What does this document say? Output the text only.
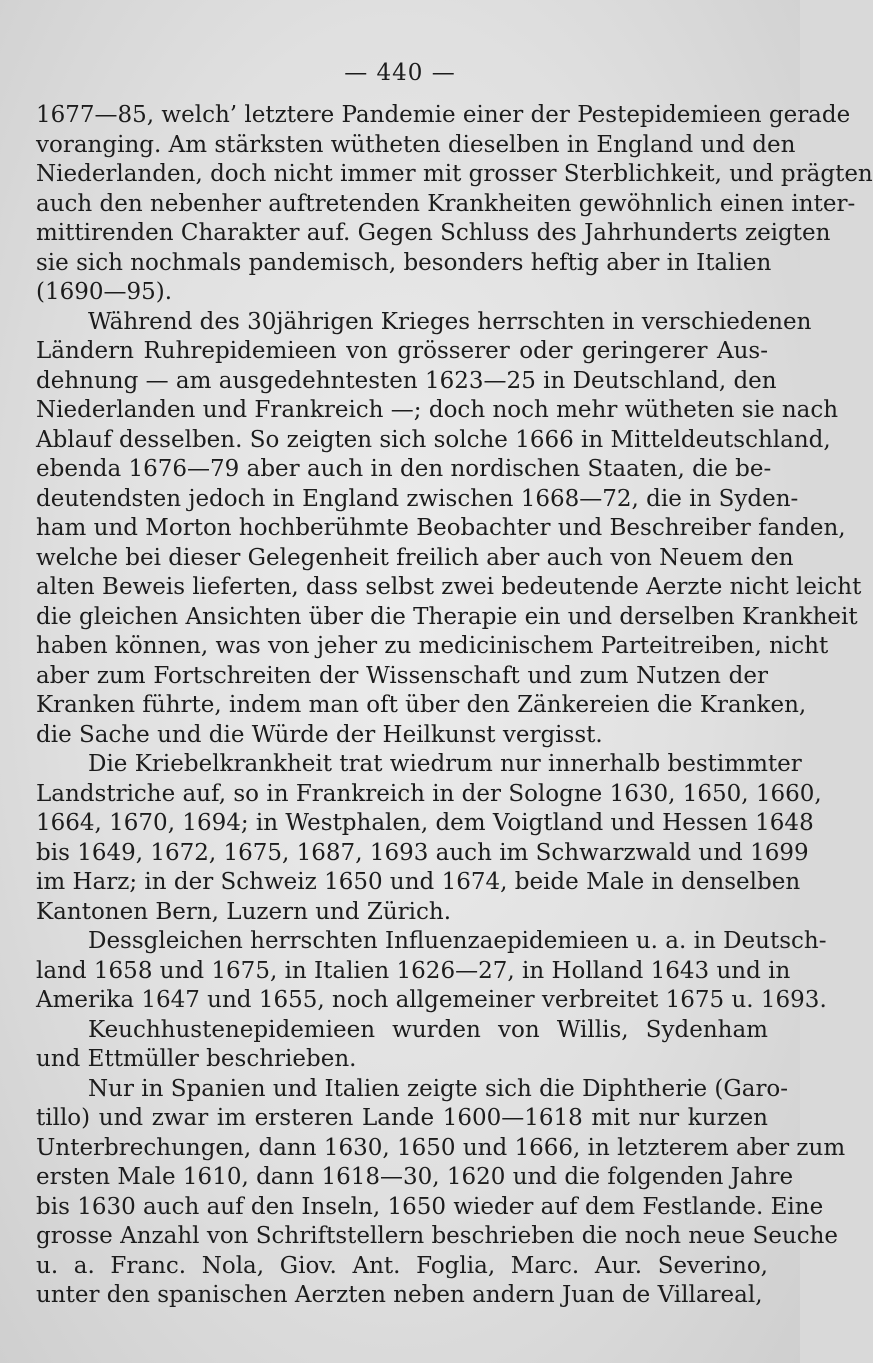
— 440 —
1677—85, welch’ letztere Pandemie einer der Pestepidemieen gerade
voranging. Am stärksten wütheten dieselben in England und den
Niederlanden, doch nicht immer mit grosser Sterblichkeit, und prägten
auch den nebenher auftretenden Krankheiten gewöhnlich einen inter-
mittirenden Charakter auf. Gegen Schluss des Jahrhunderts zeigten
sie sich nochmals pandemisch, besonders heftig aber in Italien
(1690—95).
Während des 30jährigen Krieges herrschten in verschiedenen
Ländern Ruhrepidemieen von grösserer oder geringerer Aus-
dehnung — am ausgedehntesten 1623—25 in Deutschland, den
Niederlanden und Frankreich —; doch noch mehr wütheten sie nach
Ablauf desselben. So zeigten sich solche 1666 in Mitteldeutschland,
ebenda 1676—79 aber auch in den nordischen Staaten, die be-
deutendsten jedoch in England zwischen 1668—72, die in Syden-
ham und Morton hochberühmte Beobachter und Beschreiber fanden,
welche bei dieser Gelegenheit freilich aber auch von Neuem den
alten Beweis lieferten, dass selbst zwei bedeutende Aerzte nicht leicht
die gleichen Ansichten über die Therapie ein und derselben Krankheit
haben können, was von jeher zu medicinischem Parteitreiben, nicht
aber zum Fortschreiten der Wissenschaft und zum Nutzen der
Kranken führte, indem man oft über den Zänkereien die Kranken,
die Sache und die Würde der Heilkunst vergisst.
Die Kriebelkrankheit trat wiedrum nur innerhalb bestimmter
Landstriche auf, so in Frankreich in der Sologne 1630, 1650, 1660,
1664, 1670, 1694; in Westphalen, dem Voigtland und Hessen 1648
bis 1649, 1672, 1675, 1687, 1693 auch im Schwarzwald und 1699
im Harz; in der Schweiz 1650 und 1674, beide Male in denselben
Kantonen Bern, Luzern und Zürich.
Dessgleichen herrschten Influenzaepidemieen u. a. in Deutsch-
land 1658 und 1675, in Italien 1626—27, in Holland 1643 und in
Amerika 1647 und 1655, noch allgemeiner verbreitet 1675 u. 1693.
Keuchhustenepidemieen wurden von Willis, Sydenham
und Ettmüller beschrieben.
Nur in Spanien und Italien zeigte sich die Diphtherie (Garo-
tillo) und zwar im ersteren Lande 1600—1618 mit nur kurzen
Unterbrechungen, dann 1630, 1650 und 1666, in letzterem aber zum
ersten Male 1610, dann 1618—30, 1620 und die folgenden Jahre
bis 1630 auch auf den Inseln, 1650 wieder auf dem Festlande. Eine
grosse Anzahl von Schriftstellern beschrieben die noch neue Seuche
u. a. Franc. Nola, Giov. Ant. Foglia, Marc. Aur. Severino,
unter den spanischen Aerzten neben andern Juan de Villareal,
